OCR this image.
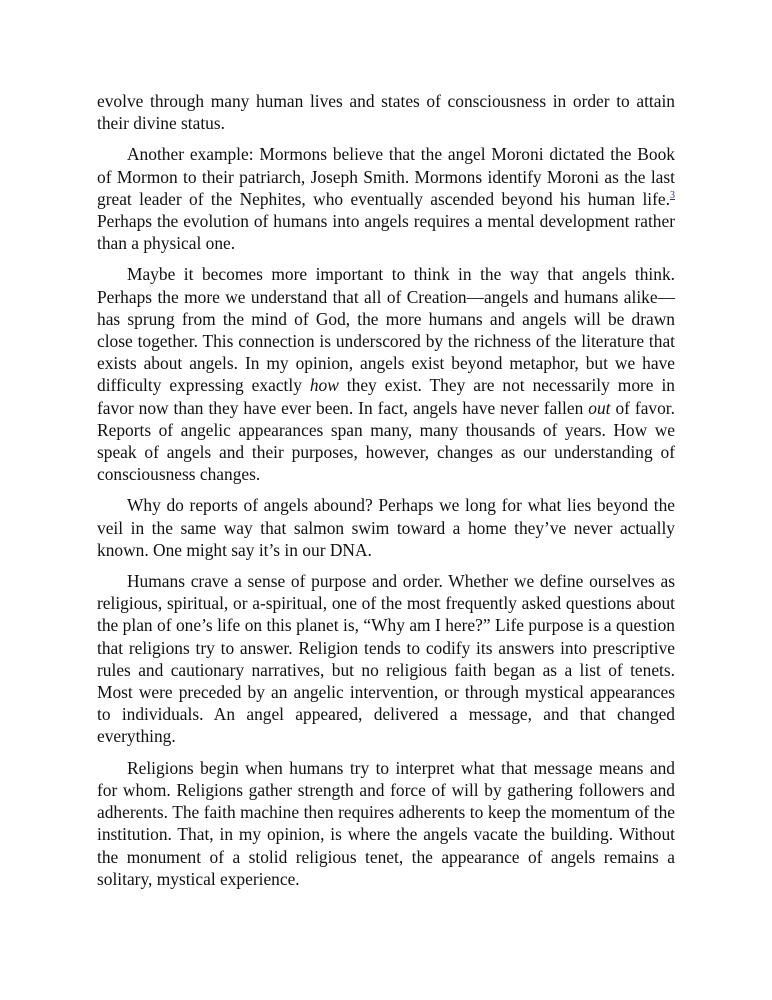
evolve through many human lives and states of consciousness in order to attain their divine status.

Another example: Mormons believe that the angel Moroni dictated the Book of Mormon to their patriarch, Joseph Smith. Mormons identify Moroni as the last great leader of the Nephites, who eventually ascended beyond his human life.$^3$ Perhaps the evolution of humans into angels requires a mental development rather than a physical one.

Maybe it becomes more important to think in the way that angels think. Perhaps the more we understand that all of Creation—angels and humans alike—has sprung from the mind of God, the more humans and angels will be drawn close together. This connection is underscored by the richness of the literature that exists about angels. In my opinion, angels exist beyond metaphor, but we have difficulty expressing exactly how they exist. They are not necessarily more in favor now than they have ever been. In fact, angels have never fallen out of favor. Reports of angelic appearances span many, many thousands of years. How we speak of angels and their purposes, however, changes as our understanding of consciousness changes.

Why do reports of angels abound? Perhaps we long for what lies beyond the veil in the same way that salmon swim toward a home they’ve never actually known. One might say it’s in our DNA.

Humans crave a sense of purpose and order. Whether we define ourselves as religious, spiritual, or a-spiritual, one of the most frequently asked questions about the plan of one’s life on this planet is, “Why am I here?” Life purpose is a question that religions try to answer. Religion tends to codify its answers into prescriptive rules and cautionary narratives, but no religious faith began as a list of tenets. Most were preceded by an angelic intervention, or through mystical appearances to individuals. An angel appeared, delivered a message, and that changed everything.

Religions begin when humans try to interpret what that message means and for whom. Religions gather strength and force of will by gathering followers and adherents. The faith machine then requires adherents to keep the momentum of the institution. That, in my opinion, is where the angels vacate the building. Without the monument of a stolid religious tenet, the appearance of angels remains a solitary, mystical experience.
